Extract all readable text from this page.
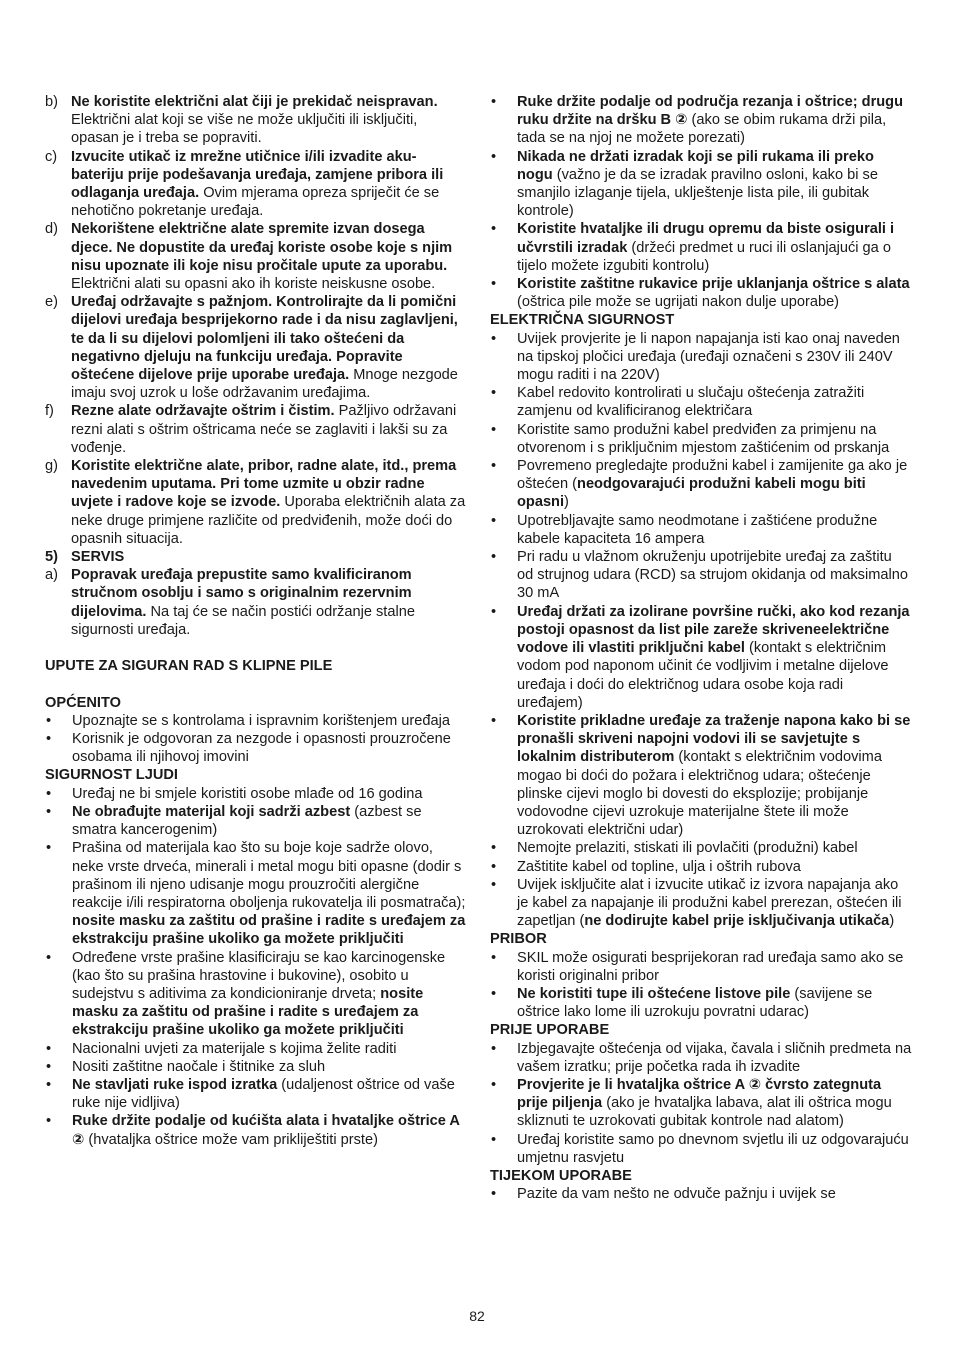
b) Ne koristite električni alat čiji je prekidač neispravan. Električni alat koji se više ne može uključiti ili isključiti, opasan je i treba se popraviti.
c) Izvucite utikač iz mrežne utičnice i/ili izvadite aku-bateriju prije podešavanja uređaja, zamjene pribora ili odlaganja uređaja. Ovim mjerama opreza spriječit će se nehotično pokretanje uređaja.
d) Nekorištene električne alate spremite izvan dosega djece. Ne dopustite da uređaj koriste osobe koje s njim nisu upoznate ili koje nisu pročitale upute za uporabu. Električni alati su opasni ako ih koriste neiskusne osobe.
e) Uređaj održavajte s pažnjom. Kontrolirajte da li pomični dijelovi uređaja besprijekorno rade i da nisu zaglavljeni, te da li su dijelovi polomljeni ili tako oštećeni da negativno djeluju na funkciju uređaja. Popravite oštećene dijelove prije uporabe uređaja. Mnoge nezgode imaju svoj uzrok u loše održavanim uređajima.
f)	Rezne alate održavajte oštrim i čistim. Pažljivo održavani rezni alati s oštrim oštricama neće se zaglaviti i lakši su za vođenje.
g) Koristite električne alate, pribor, radne alate, itd., prema navedenim uputama. Pri tome uzmite u obzir radne uvjete i radove koje se izvode. Uporaba električnih alata za neke druge primjene različite od predviđenih, može doći do opasnih situacija.
5) SERVIS
a) Popravak uređaja prepustite samo kvalificiranom stručnom osoblju i samo s originalnim rezervnim dijelovima. Na taj će se način postići održanje stalne sigurnosti uređaja.
UPUTE ZA SIGURAN RAD S KLIPNE PILE
OPĆENITO
•	Upoznajte se s kontrolama i ispravnim korištenjem uređaja
•	Korisnik je odgovoran za nezgode i opasnosti prouzročene osobama ili njihovoj imovini
SIGURNOST LJUDI
•	Uređaj ne bi smjele koristiti osobe mlađe od 16 godina
•	Ne obrađujte materijal koji sadrži azbest (azbest se smatra kancerogenim)
•	Prašina od materijala kao što su boje koje sadrže olovo, neke vrste drveća, minerali i metal mogu biti opasne (dodir s prašinom ili njeno udisanje mogu prouzročiti alergične reakcije i/ili respiratorna obolјenja rukovatelja ili posmatrača); nosite masku za zaštitu od prašine i radite s uređajem za ekstrakciju prašine ukoliko ga možete priključiti
•	Određene vrste prašine klasificiraju se kao karcinogenske (kao što su prašina hrastovine i bukovine), osobito u sudejstvu s aditivima za kondicioniranje drveta; nosite masku za zaštitu od prašine i radite s uređajem za ekstrakciju prašine ukoliko ga možete priključiti
•	Nacionalni uvjeti za materijale s kojima želite raditi
•	Nositi zaštitne naočale i štitnike za sluh
•	Ne stavljati ruke ispod izratka (udaljenost oštrice od vaše ruke nije vidljiva)
•	Ruke držite podalje od kućišta alata i hvataljke oštrice A ② (hvataljka oštrice može vam prikliještiti prste)
•	Ruke držite podalje od područja rezanja i oštrice; drugu ruku držite na dršku B ② (ako se obim rukama drži pila, tada se na njoj ne možete porezati)
•	Nikada ne držati izradak koji se pili rukama ili preko nogu (važno je da se izradak pravilno osloni, kako bi se smanjilo izlaganje tijela, uklještenje lista pile, ili gubitak kontrole)
•	Koristite hvataljke ili drugu opremu da biste osigurali i učvrstili izradak (držeći predmet u ruci ili oslanjajući ga o tijelo možete izgubiti kontrolu)
•	Koristite zaštitne rukavice prije uklanjanja oštrice s alata (oštrica pile može se ugrijati nakon dulje uporabe)
ELEKTRIČNA SIGURNOST
•	Uvijek provjerite je li napon napajanja isti kao onaj naveden na tipskoj pločici uređaja (uređaji označeni s 230V ili 240V mogu raditi i na 220V)
•	Kabel redovito kontrolirati u slučaju oštećenja zatražiti zamjenu od kvalificiranog električara
•	Koristite samo produžni kabel predviđen za primjenu na otvorenom i s priključnim mjestom zaštićenim od prskanja
•	Povremeno pregledajte produžni kabel i zamijenite ga ako je oštećen (neodgovarajući produžni kabeli mogu biti opasni)
•	Upotrebljavajte samo neodmotane i zaštićene produžne kabele kapaciteta 16 ampera
•	Pri radu u vlažnom okruženju upotrijebite uređaj za zaštitu od strujnog udara (RCD) sa strujom okidanja od maksimalno 30 mA
•	Uređaj držati za izolirane površine ručki, ako kod rezanja postoji opasnost da list pile zareže skriveneelektrične vodove ili vlastiti priključni kabel (kontakt s električnim vodom pod naponom učinit će vodljivim i metalne dijelove uređaja i doći do električnog udara osobe koja radi uređajem)
•	Koristite prikladne uređaje za traženje napona kako bi se pronašli skriveni napojni vodovi ili se savjetujte s lokalnim distributerom (kontakt s električnim vodovima mogao bi doći do požara i električnog udara; oštećenje plinske cijevi moglo bi dovesti do eksplozije; probijanje vodovodne cijevi uzrokuje materijalne štete ili može uzrokovati električni udar)
•	Nemojte prelaziti, stiskati ili povlačiti (produžni) kabel
•	Zaštitite kabel od topline, ulja i oštrih rubova
•	Uvijek isključite alat i izvucite utikač iz izvora napajanja ako je kabel za napajanje ili produžni kabel prerezan, oštećen ili zapetljan (ne dodirujte kabel prije isključivanja utikača)
PRIBOR
•	SKIL može osigurati besprijekoran rad uređaja samo ako se koristi originalni pribor
•	Ne koristiti tupe ili oštećene listove pile (savijene se oštrice lako lome ili uzrokuju povratni udarac)
PRIJE UPORABE
•	Izbjegavajte oštećenja od vijaka, čavala i sličnih predmeta na vašem izratku; prije početka rada ih izvadite
•	Provjerite je li hvataljka oštrice A ② čvrsto zategnuta prije piljenja (ako je hvataljka labava, alat ili oštrica mogu skliznuti te uzrokovati gubitak kontrole nad alatom)
•	Uređaj koristite samo po dnevnom svjetlu ili uz odgovarajuću umjetnu rasvjetu
TIJEKOM UPORABE
•	Pazite da vam nešto ne odvuče pažnju i uvijek se
82
